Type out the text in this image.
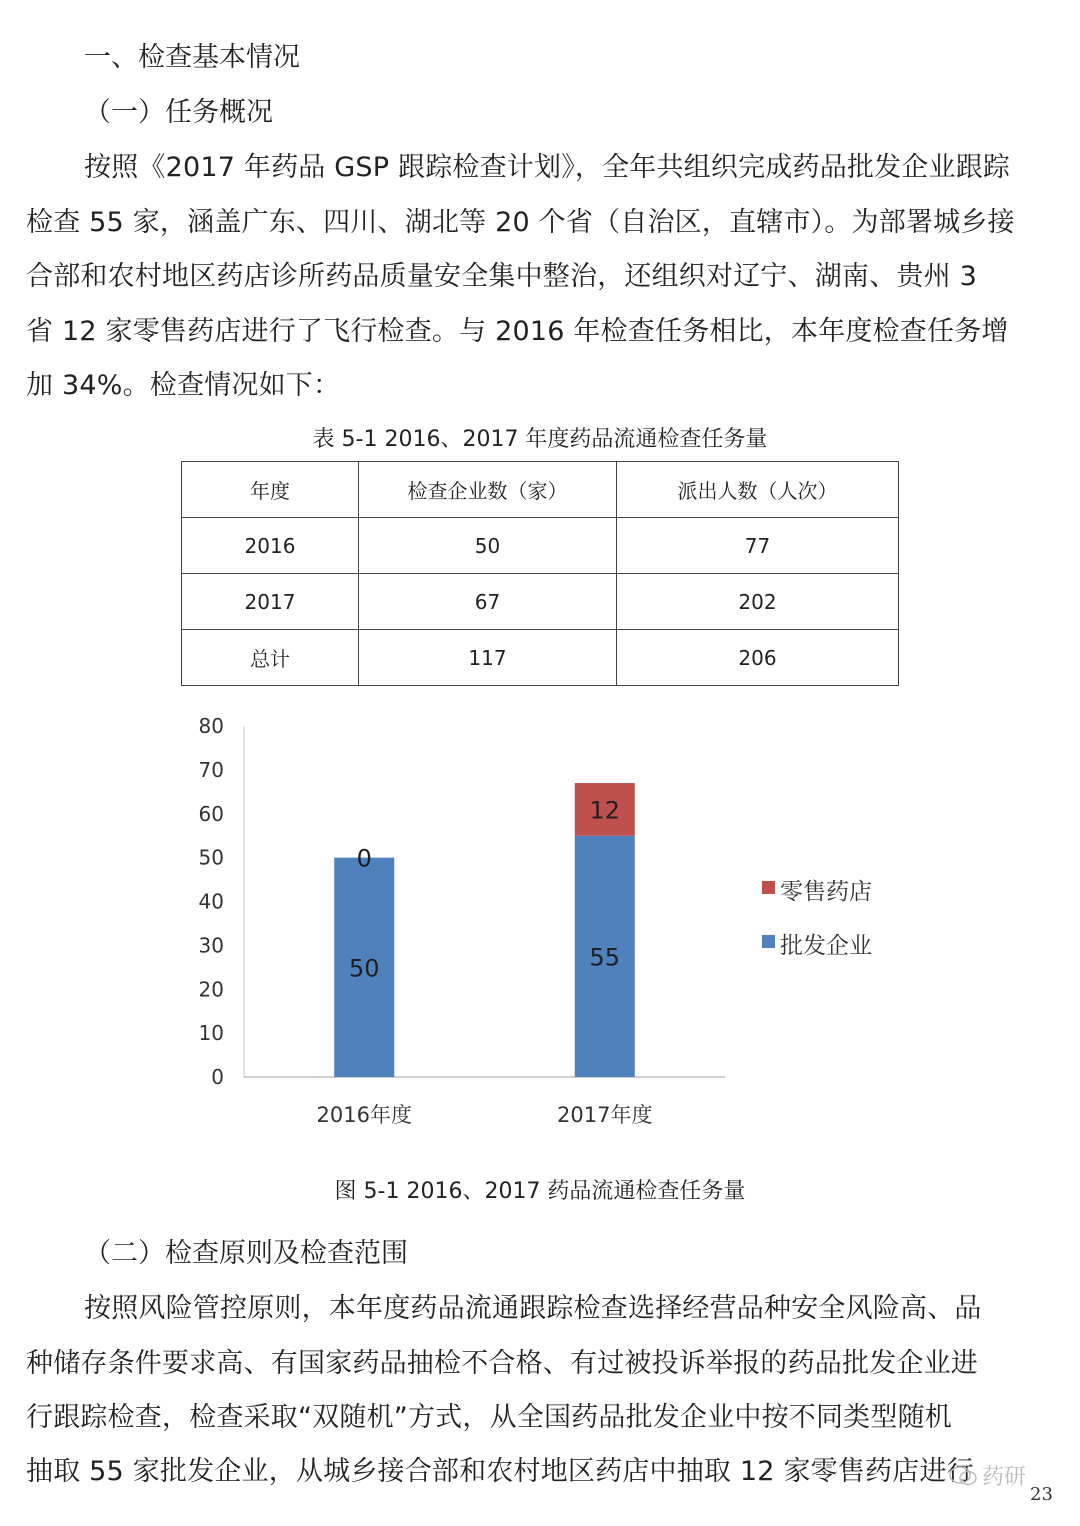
一、检查基本情况
（一）任务概况
按照《2017 年药品 GSP 跟踪检查计划》，全年共组织完成药品批发企业跟踪
检查 55 家，涵盖广东、四川、湖北等 20 个省（自治区，直辖市）。为部署城乡接
合部和农村地区药店诊所药品质量安全集中整治，还组织对辽宁、湖南、贵州 3
省 12 家零售药店进行了飞行检查。与 2016 年检查任务相比，本年度检查任务增
加 34%。检查情况如下：
表 5-1 2016、2017 年度药品流通检查任务量
年度	检查企业数（家）	派出人数（人次）
2016	50	77
2017	67	202
总计	117	206
0
10
20
30
40
50
60
70
80
50
0
55
12
2016年度	2017年度
零售药店
批发企业
图 5-1 2016、2017 药品流通检查任务量
（二）检查原则及检查范围
按照风险管控原则，本年度药品流通跟踪检查选择经营品种安全风险高、品
种储存条件要求高、有国家药品抽检不合格、有过被投诉举报的药品批发企业进
行跟踪检查，检查采取“双随机”方式，从全国药品批发企业中按不同类型随机
抽取 55 家批发企业，从城乡接合部和农村地区药店中抽取 12 家零售药店进行 药研
23
